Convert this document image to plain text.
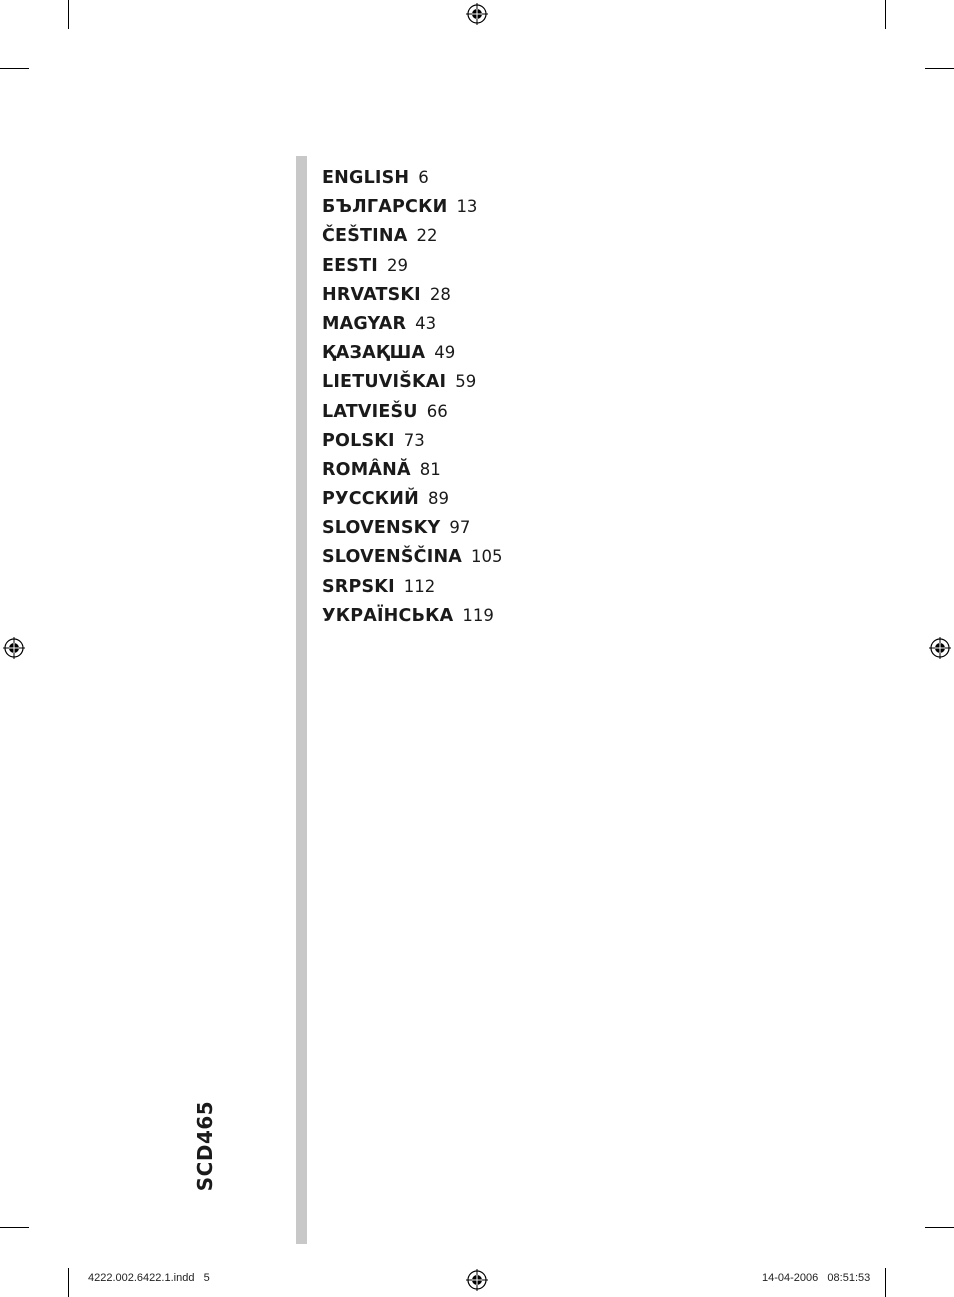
ENGLISH 6
БЪЛГАРСКИ 13
ČEŠTINA 22
EESTI 29
HRVATSKI 28
MAGYAR 43
ҚАЗАҚША 49
LIETUVIŠKAI 59
LATVIEŠU 66
POLSKI 73
ROMÂNĂ 81
РУССКИЙ 89
SLOVENSKY 97
SLOVENŠČINA 105
SRPSKI 112
УКРАЇНСЬКА 119
SCD465
4222.002.6422.1.indd   5	14-04-2006   08:51:53
